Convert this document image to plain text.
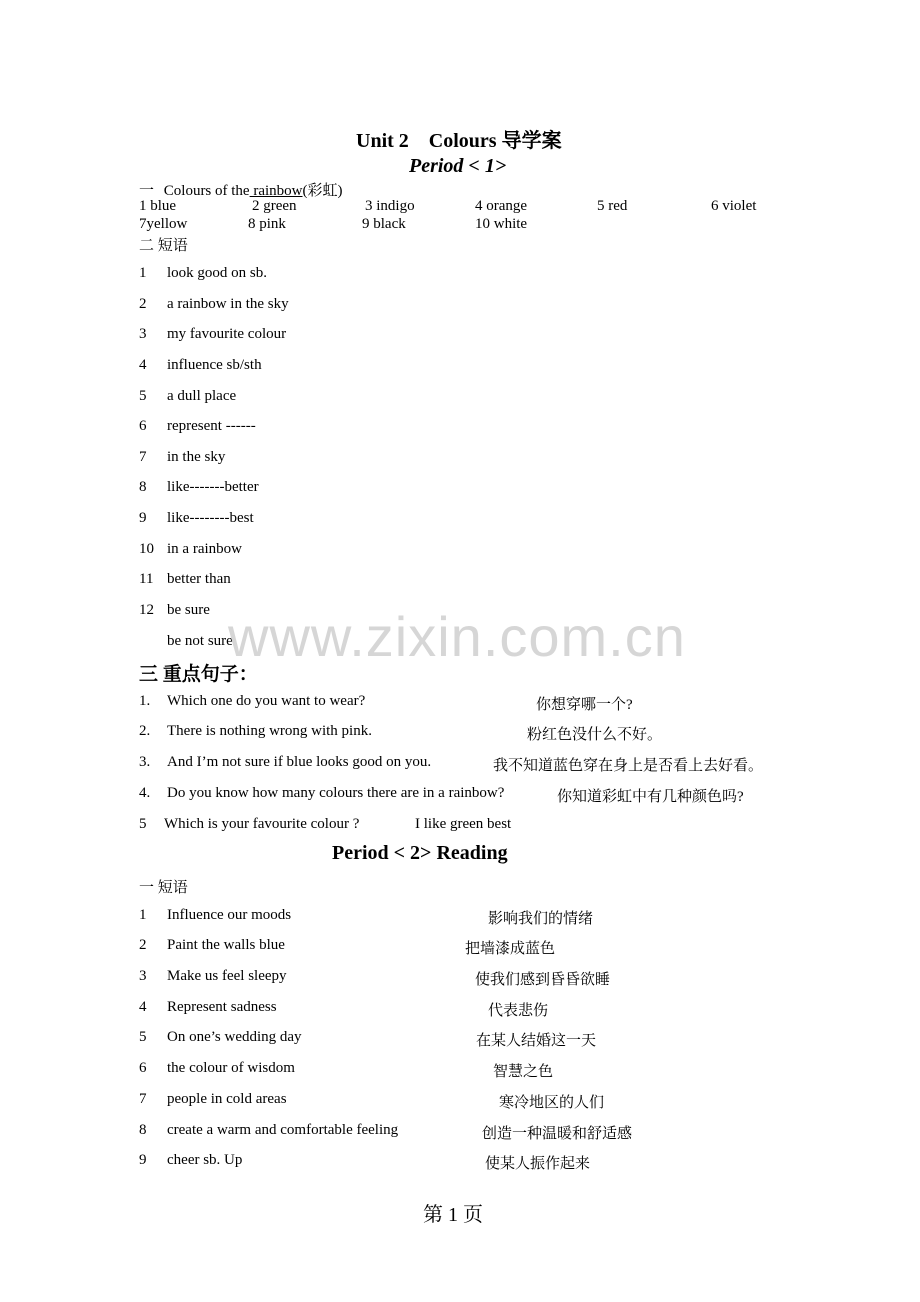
Unit 2　Colours 导学案
Period < 1>
一 Colours of the rainbow(彩虹)
1 blue	2 green	3 indigo	4 orange	5 red	6 violet
7yellow	8 pink	9 black	10 white
二 短语
1 look good on sb.
2 a rainbow in the sky
3 my favourite colour
4 influence sb/sth
5 a dull place
6 represent ------
7 in the sky
8 like-------better
9 like--------best
10 in a rainbow
11 better than
12 be sure
be not sure
www.zixin.com.cn
三 重点句子：
1. Which one do you want to wear?	你想穿哪一个?
2. There is nothing wrong with pink.	粉红色没什么不好。
3. And I’m not sure if blue looks good on you.	我不知道蓝色穿在身上是否看上去好看。
4. Do you know how many colours there are in a rainbow?	你知道彩虹中有几种颜色吗?
5 Which is your favourite colour ?	I like green best
Period < 2> Reading
一 短语
1 Influence our moods	影响我们的情绪
2 Paint the walls blue	把墙漆成蓝色
3 Make us feel sleepy	使我们感到昏昏欲睡
4 Represent sadness	代表悲伤
5 On one’s wedding day	在某人结婚这一天
6 the colour of wisdom	智慧之色
7 people in cold areas	寒冷地区的人们
8 create a warm and comfortable feeling	创造一种温暖和舒适感
9 cheer sb. Up	使某人振作起来
第 1 页
